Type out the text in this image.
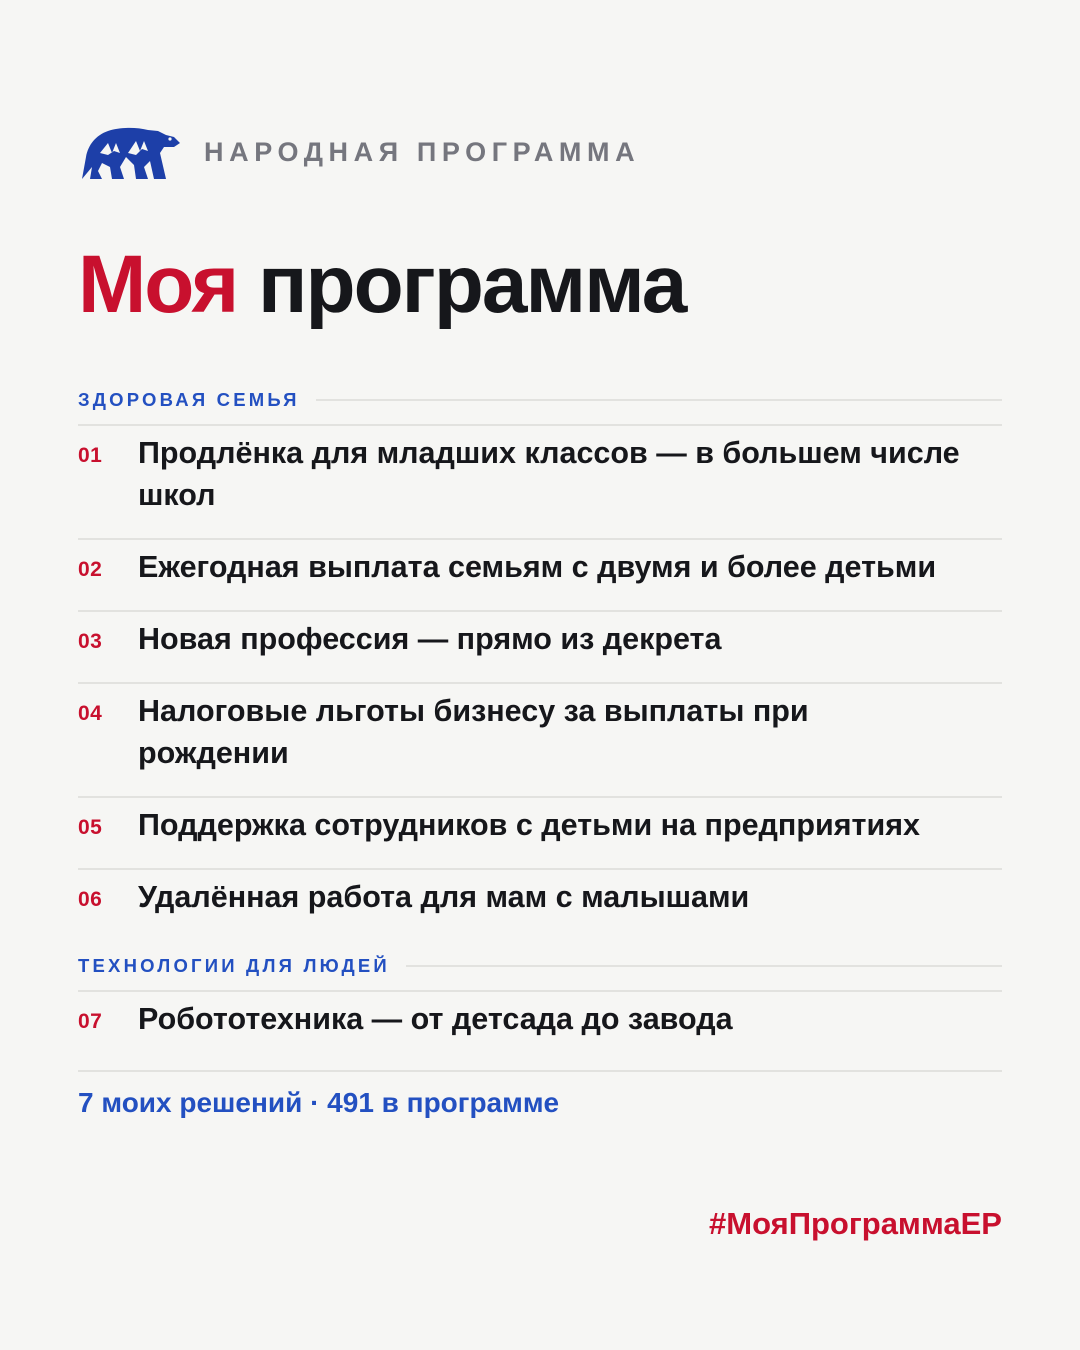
НАРОДНАЯ ПРОГРАММА
Моя программа
ЗДОРОВАЯ СЕМЬЯ
01 Продлёнка для младших классов — в большем числе школ
02 Ежегодная выплата семьям с двумя и более детьми
03 Новая профессия — прямо из декрета
04 Налоговые льготы бизнесу за выплаты при рождении
05 Поддержка сотрудников с детьми на предприятиях
06 Удалённая работа для мам с малышами
ТЕХНОЛОГИИ ДЛЯ ЛЮДЕЙ
07 Робототехника — от детсада до завода
7 моих решений · 491 в программе
#МояПрограммаЕР
